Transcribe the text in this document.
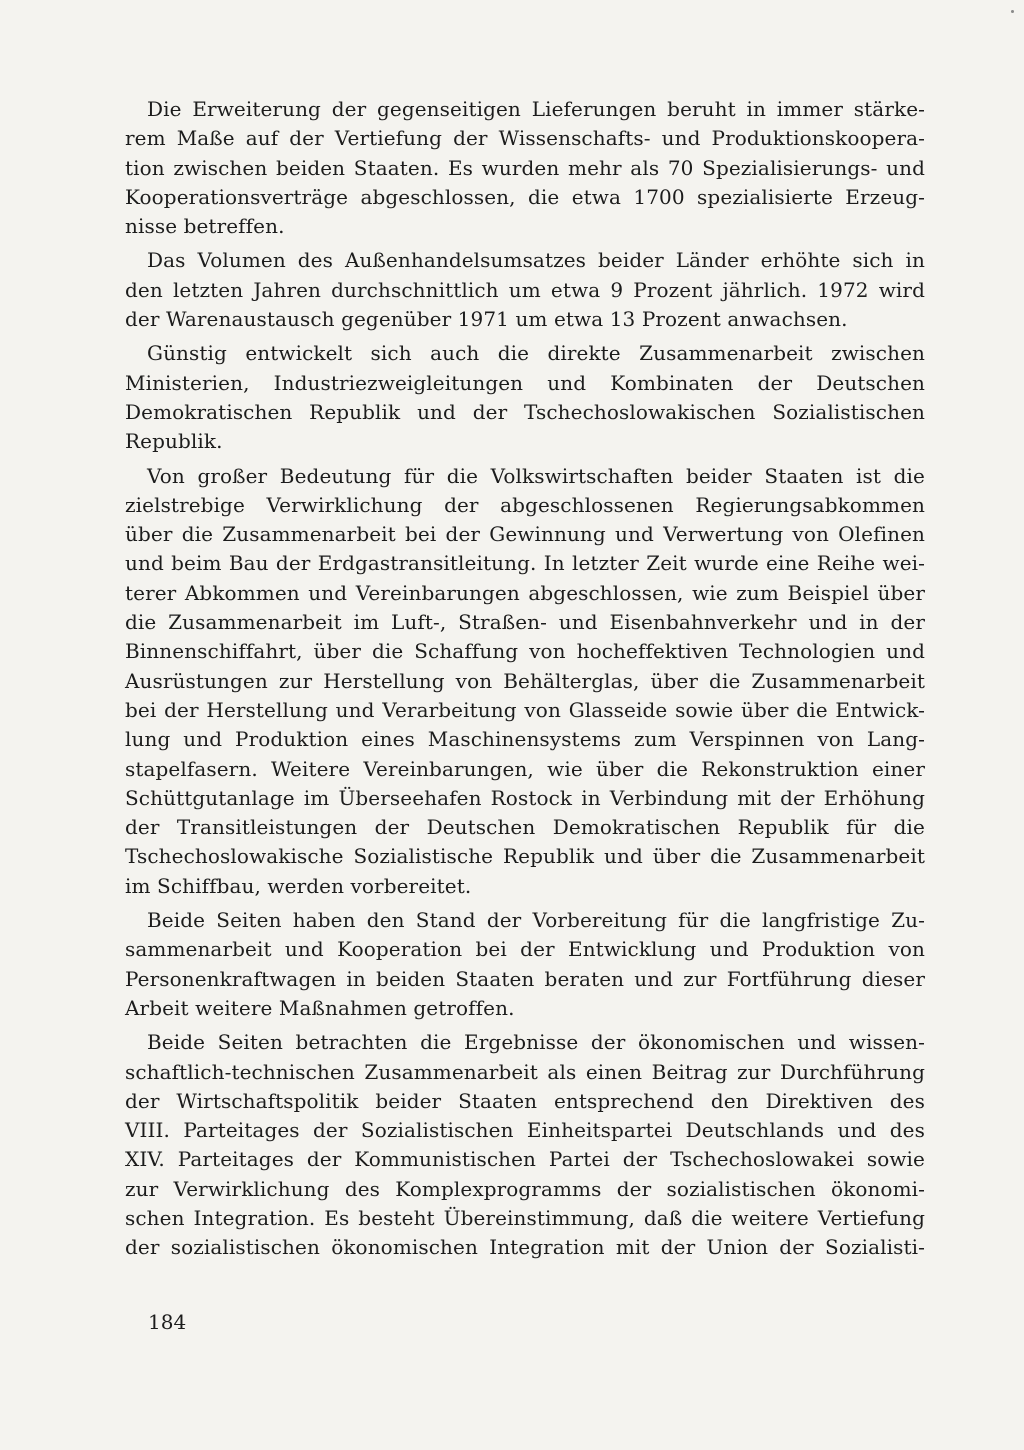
Die Erweiterung der gegenseitigen Lieferungen beruht in immer stärke-
rem Maße auf der Vertiefung der Wissenschafts- und Produktionskooperа-
tion zwischen beiden Staaten. Es wurden mehr als 70 Spezialisierungs- und
Kooperationsverträge abgeschlossen, die etwa 1700 spezialisierte Erzeug-
nisse betreffen.
Das Volumen des Außenhandelsumsatzes beider Länder erhöhte sich in
den letzten Jahren durchschnittlich um etwa 9 Prozent jährlich. 1972 wird
der Warenaustausch gegenüber 1971 um etwa 13 Prozent anwachsen.
Günstig entwickelt sich auch die direkte Zusammenarbeit zwischen
Ministerien, Industriezweigleitungen und Kombinaten der Deutschen
Demokratischen Republik und der Tschechoslowakischen Sozialistischen
Republik.
Von großer Bedeutung für die Volkswirtschaften beider Staaten ist die
zielstrebige Verwirklichung der abgeschlossenen Regierungsabkommen
über die Zusammenarbeit bei der Gewinnung und Verwertung von Olefinen
und beim Bau der Erdgastransitleitung. In letzter Zeit wurde eine Reihe wei-
terer Abkommen und Vereinbarungen abgeschlossen, wie zum Beispiel über
die Zusammenarbeit im Luft-, Straßen- und Eisenbahnverkehr und in der
Binnenschiffahrt, über die Schaffung von hocheffektiven Technologien und
Ausrüstungen zur Herstellung von Behälterglas, über die Zusammenarbeit
bei der Herstellung und Verarbeitung von Glasseide sowie über die Entwick-
lung und Produktion eines Maschinensystems zum Verspinnen von Lang-
stapelfasern. Weitere Vereinbarungen, wie über die Rekonstruktion einer
Schüttgutanlage im Überseehafen Rostock in Verbindung mit der Erhöhung
der Transitleistungen der Deutschen Demokratischen Republik für die
Tschechoslowakische Sozialistische Republik und über die Zusammenarbeit
im Schiffbau, werden vorbereitet.
Beide Seiten haben den Stand der Vorbereitung für die langfristige Zu-
sammenarbeit und Kooperation bei der Entwicklung und Produktion von
Personenkraftwagen in beiden Staaten beraten und zur Fortführung dieser
Arbeit weitere Maßnahmen getroffen.
Beide Seiten betrachten die Ergebnisse der ökonomischen und wissen-
schaftlich-technischen Zusammenarbeit als einen Beitrag zur Durchführung
der Wirtschaftspolitik beider Staaten entsprechend den Direktiven des
VIII. Parteitages der Sozialistischen Einheitspartei Deutschlands und des
XIV. Parteitages der Kommunistischen Partei der Tschechoslowakei sowie
zur Verwirklichung des Komplexprogramms der sozialistischen ökonomi-
schen Integration. Es besteht Übereinstimmung, daß die weitere Vertiefung
der sozialistischen ökonomischen Integration mit der Union der Sozialisti-
184
